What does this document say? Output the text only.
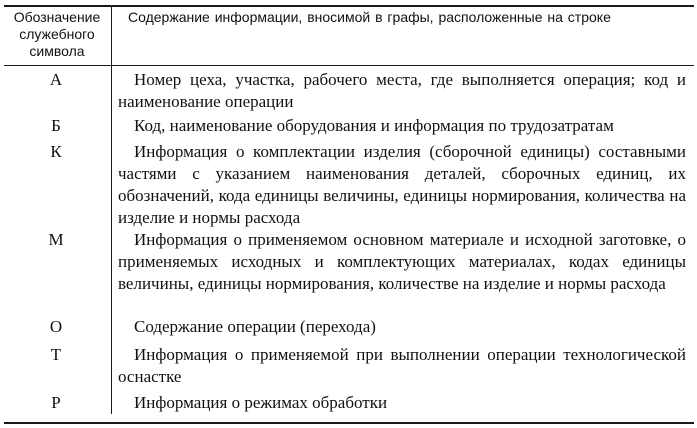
Обозначение служебного символа
Содержание информации, вносимой в графы, расположенные на строке
А	Номер цеха, участка, рабочего места, где выполняется операция; код и наименование операции

Б	Код, наименование оборудования и информация по трудозатратам

К	Информация о комплектации изделия (сборочной единицы) составными частями с указанием наименования деталей, сборочных единиц, их обозначений, кода единицы величины, единицы нормирования, количества на изделие и нормы расхода

М	Информация о применяемом основном материале и исходной заготовке, о применяемых исходных и комплектующих материалах, кодах единицы величины, единицы нормирования, количестве на изделие и нормы расхода

О	Содержание операции (перехода)

Т	Информация о применяемой при выполнении операции технологической оснастке

Р	Информация о режимах обработки
